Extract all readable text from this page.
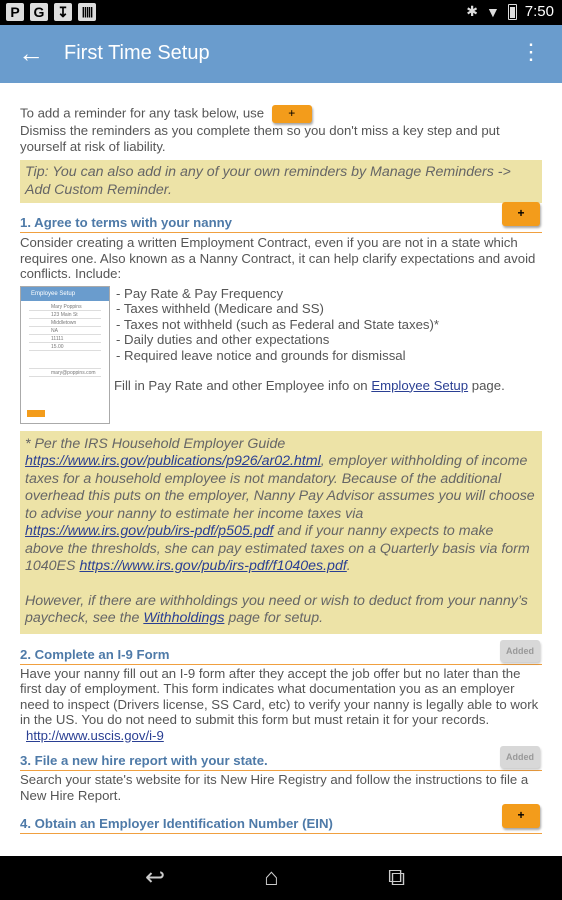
P G ↧	|||||	✱ ▼ 7:50
← First Time Setup	⋮

To add a reminder for any task below, use +

Dismiss the reminders as you complete them so you don't miss a key step and put yourself at risk of liability.

Tip: You can also add in any of your own reminders by Manage Reminders -> Add Custom Reminder.
1. Agree to terms with your nanny
+

Consider creating a written Employment Contract, even if you are not in a state which requires one. Also known as a Nanny Contract, it can help clarify expectations and avoid conflicts. Include:

Employee Setup
Mary Poppins
123 Main St
Middletown
NA
11111
15.00
mary@poppins.com
- Pay Rate & Pay Frequency
- Taxes withheld (Medicare and SS)
- Taxes not withheld (such as Federal and State taxes)*
- Daily duties and other expectations
- Required leave notice and grounds for dismissal
Fill in Pay Rate and other Employee info on Employee Setup page.

* Per the IRS Household Employer Guide https://www.irs.gov/publications/p926/ar02.html, employer withholding of income taxes for a household employee is not mandatory. Because of the additional overhead this puts on the employer, Nanny Pay Advisor assumes you will choose to advise your nanny to estimate her income taxes via https://www.irs.gov/pub/irs-pdf/p505.pdf and if your nanny expects to make above the thresholds, she can pay estimated taxes on a Quarterly basis via form 1040ES https://www.irs.gov/pub/irs-pdf/f1040es.pdf.

However, if there are withholdings you need or wish to deduct from your nanny’s paycheck, see the Withholdings page for setup.

2. Complete an I-9 Form	Added

Have your nanny fill out an I-9 form after they accept the job offer but no later than the first day of employment. This form indicates what documentation you as an employer need to inspect (Drivers license, SS Card, etc) to verify your nanny is legally able to work in the US. You do not need to submit this form but must retain it for your records. http://www.uscis.gov/i-9

3. File a new hire report with your state.	Added

Search your state's website for its New Hire Registry and follow the instructions to file a New Hire Report.

4. Obtain an Employer Identification Number (EIN)
+
↩	⌂	⧉
